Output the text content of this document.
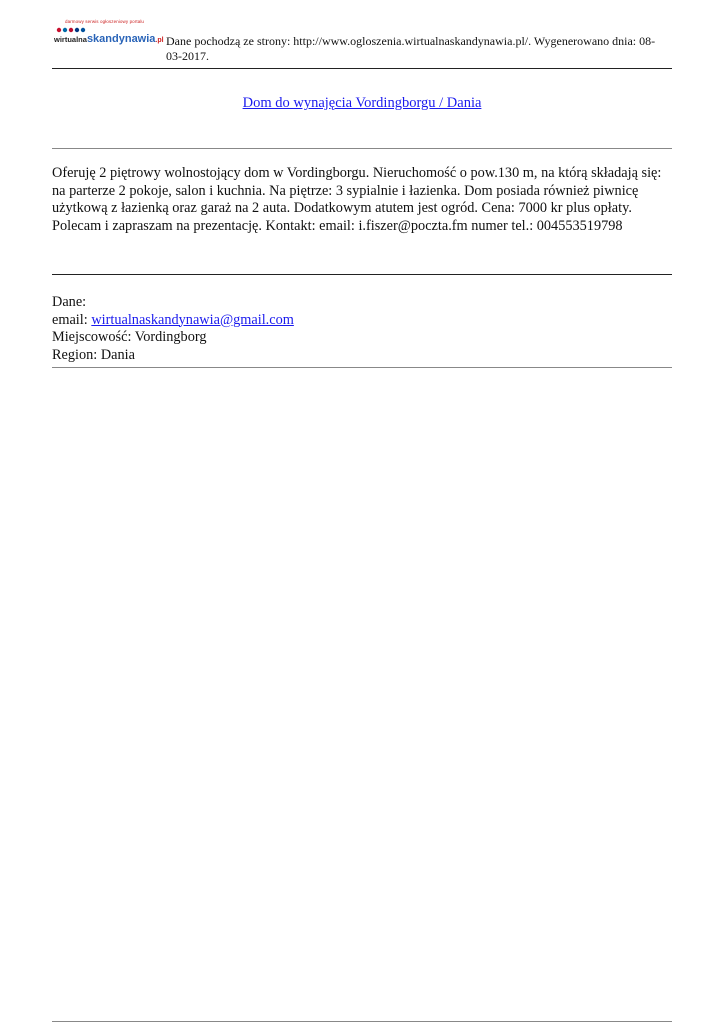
darmowy serwis ogłoszeniowy portalu
wirtualnaskandynawia.pl Dane pochodzą ze strony: http://www.ogloszenia.wirtualnaskandynawia.pl/. Wygenerowano dnia: 08-03-2017.
Dom do wynajęcia Vordingborgu / Dania

Oferuję 2 piętrowy wolnostojący dom w Vordingborgu. Nieruchomość o pow.130 m, na którą składają się: na parterze 2 pokoje, salon i kuchnia. Na piętrze: 3 sypialnie i łazienka. Dom posiada również piwnicę użytkową z łazienką oraz garaż na 2 auta. Dodatkowym atutem jest ogród. Cena: 7000 kr plus opłaty. Polecam i zapraszam na prezentację. Kontakt: email: i.fiszer@poczta.fm numer tel.: 004553519798

Dane:
email: wirtualnaskandynawia@gmail.com
Miejscowość: Vordingborg
Region: Dania
